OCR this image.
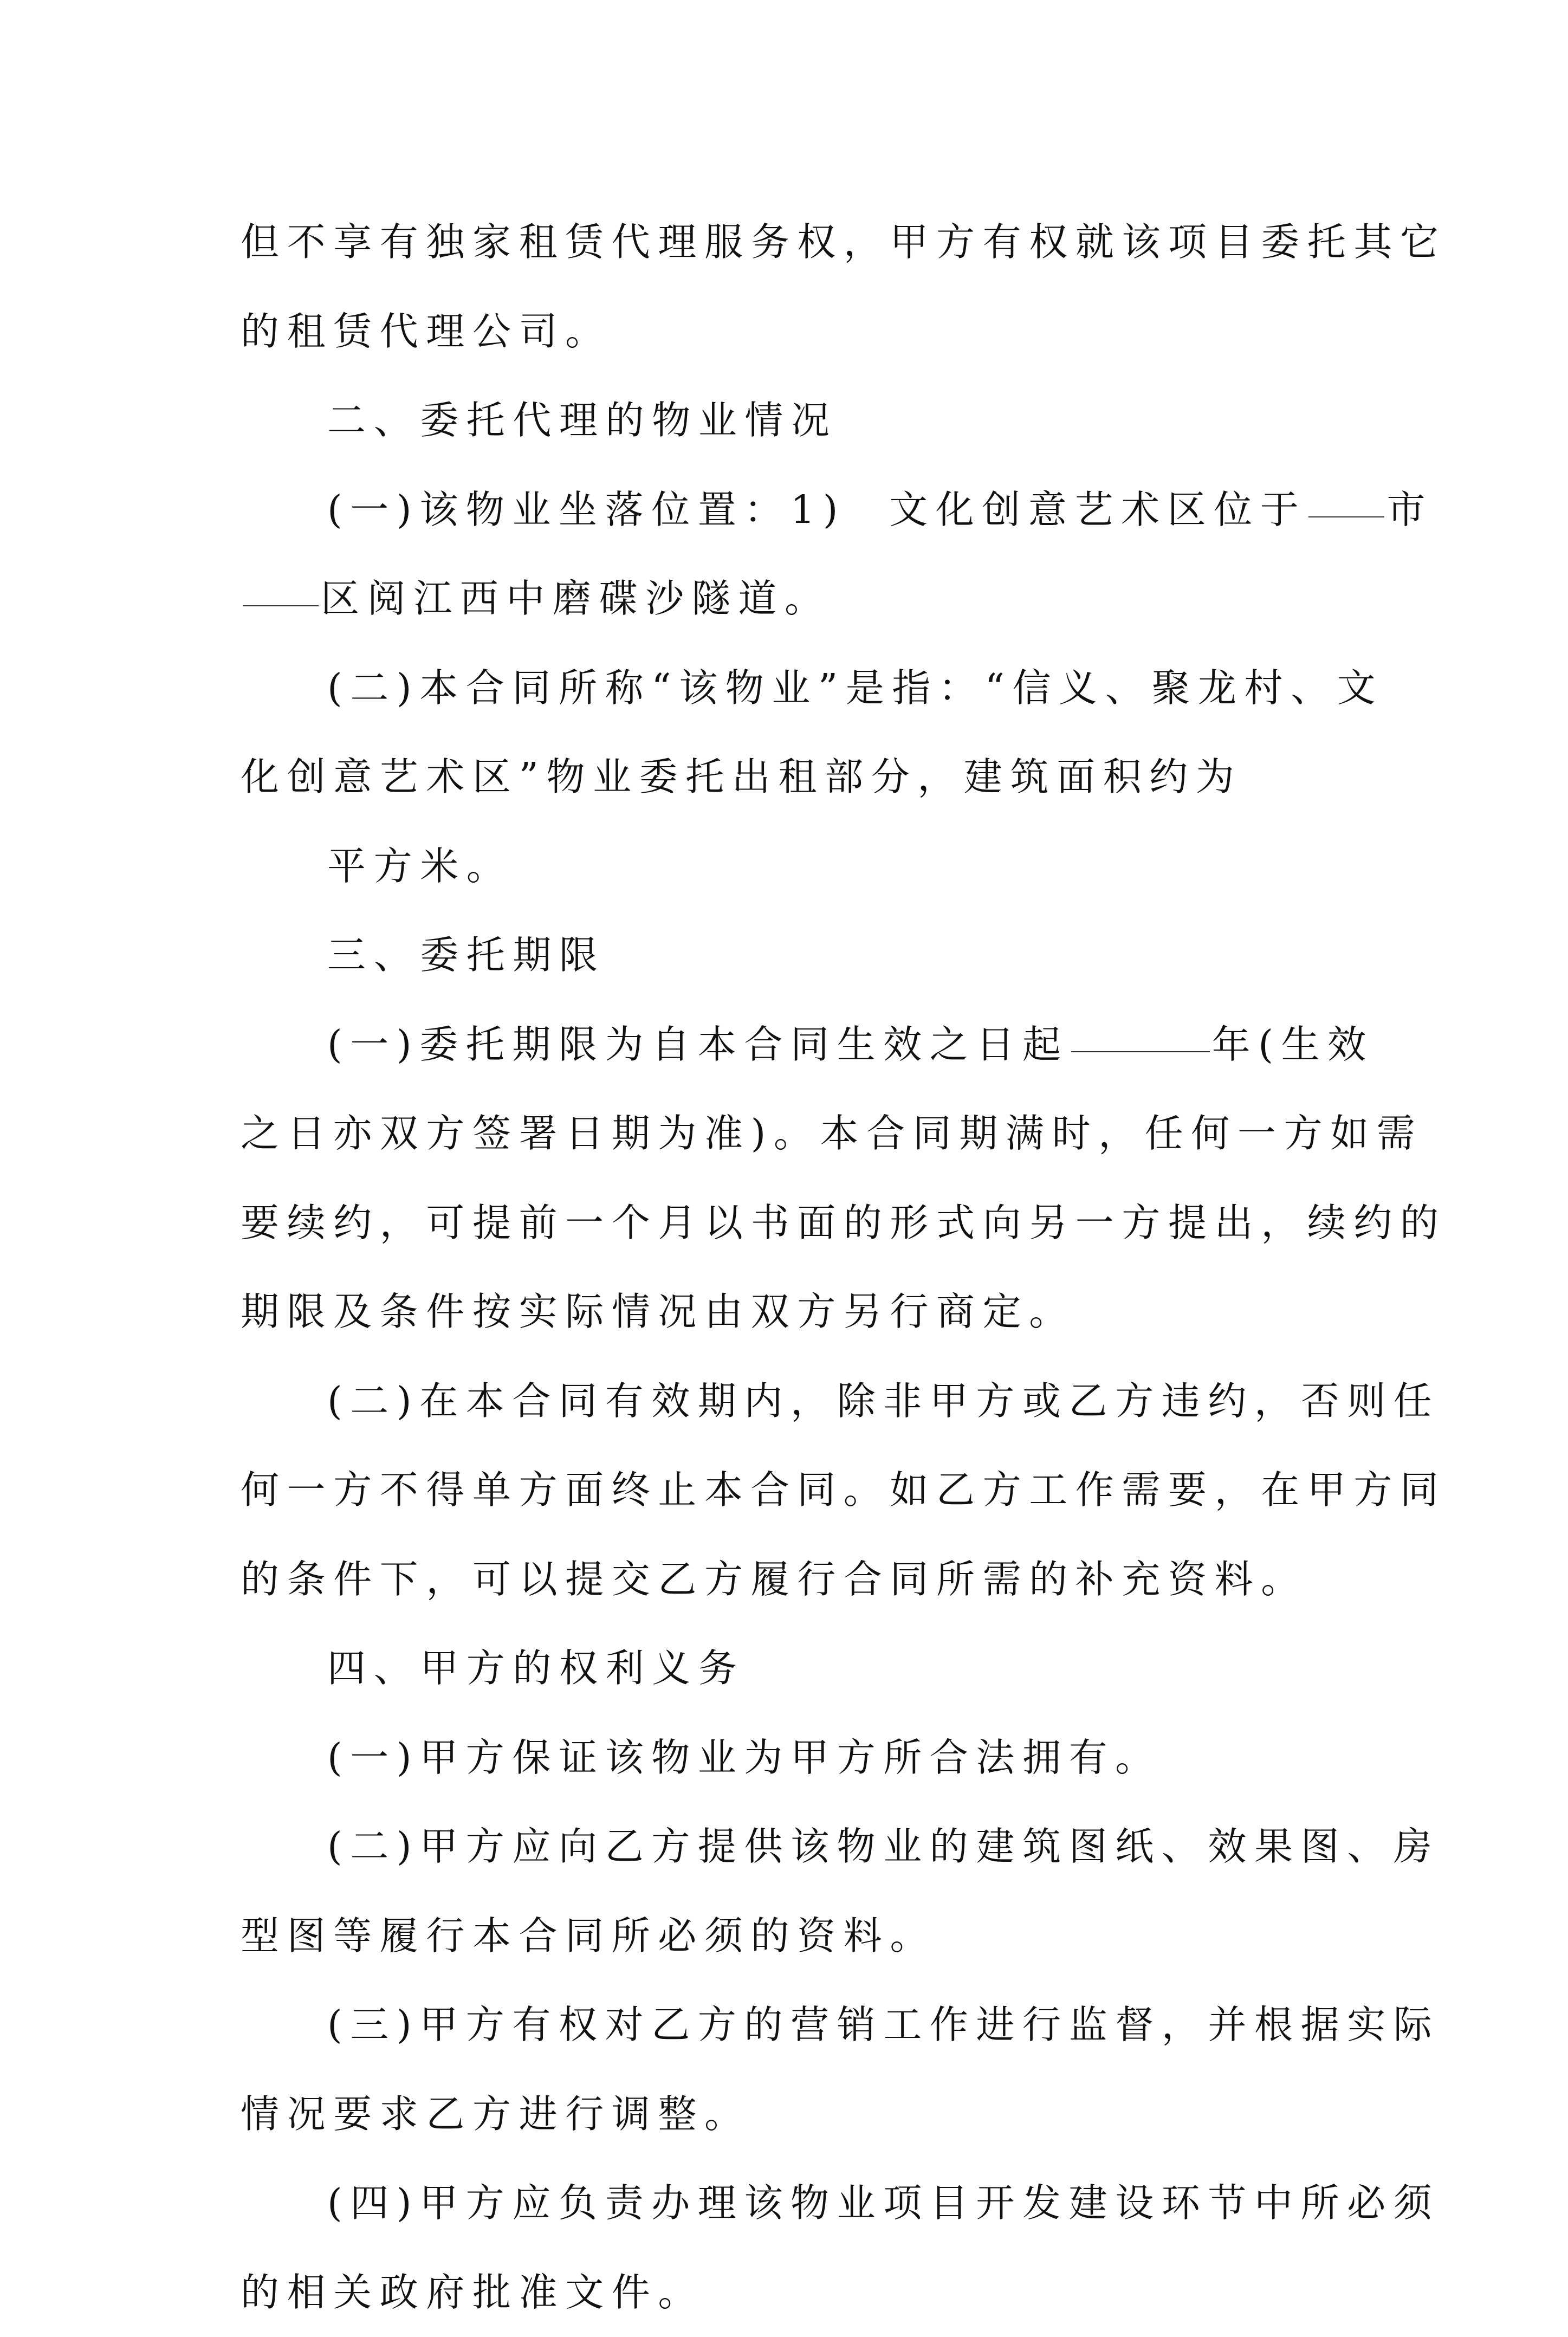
但不享有独家租赁代理服务权，甲方有权就该项目委托其它
的租赁代理公司。
二、委托代理的物业情况
(一)该物业坐落位置：1) 文化创意艺术区位于 市
区阅江西中磨碟沙隧道。
(二)本合同所称“该物业”是指：“信义、聚龙村、文
化创意艺术区”物业委托出租部分，建筑面积约为
平方米。
三、委托期限
(一)委托期限为自本合同生效之日起	年(生效
之日亦双方签署日期为准)。本合同期满时，任何一方如需
要续约，可提前一个月以书面的形式向另一方提出，续约的
期限及条件按实际情况由双方另行商定。
(二)在本合同有效期内，除非甲方或乙方违约，否则任
何一方不得单方面终止本合同。如乙方工作需要，在甲方同
的条件下，可以提交乙方履行合同所需的补充资料。
四、甲方的权利义务
(一)甲方保证该物业为甲方所合法拥有。
(二)甲方应向乙方提供该物业的建筑图纸、效果图、房
型图等履行本合同所必须的资料。
(三)甲方有权对乙方的营销工作进行监督，并根据实际
情况要求乙方进行调整。
(四)甲方应负责办理该物业项目开发建设环节中所必须
的相关政府批准文件。
